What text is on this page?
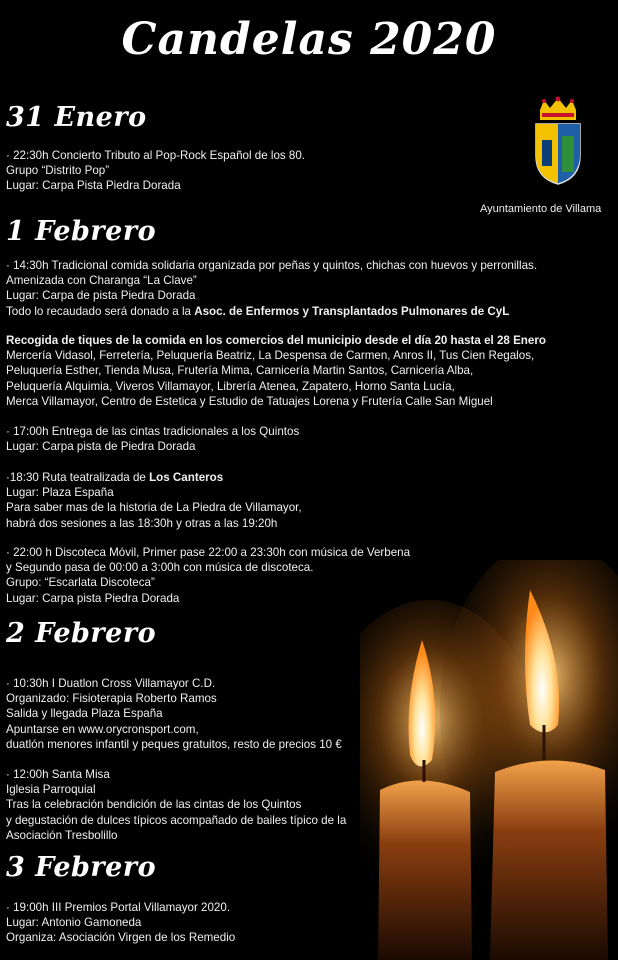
Candelas 2020
Ayuntamiento de Villama
31 Enero
· 22:30h Concierto Tributo al Pop-Rock Español de los 80.
Grupo “Distrito Pop”
Lugar: Carpa Pista Piedra Dorada
1 Febrero
· 14:30h Tradicional comida solidaria organizada por peñas y quintos, chichas con huevos y perronillas.
Amenizada con Charanga “La Clave”
Lugar: Carpa de pista Piedra Dorada
Todo lo recaudado será donado a la Asoc. de Enfermos y Transplantados Pulmonares de CyL
Recogida de tiques de la comida en los comercios del municipio desde el día 20 hasta el 28 Enero
Mercería Vidasol, Ferretería, Peluquería Beatriz, La Despensa de Carmen, Anros II, Tus Cien Regalos,
Peluquería Esther, Tienda Musa, Frutería Mima, Carnicería Martin Santos, Carnicería Alba,
Peluquería Alquimia, Viveros Villamayor, Librería Atenea, Zapatero, Horno Santa Lucía,
Merca Villamayor, Centro de Estetica y Estudio de Tatuajes Lorena y Frutería Calle San Miguel
· 17:00h Entrega de las cintas tradicionales a los Quintos
Lugar: Carpa pista de Piedra Dorada
·18:30 Ruta teatralizada de Los Canteros
Lugar: Plaza España
Para saber mas de la historia de La Piedra de Villamayor,
habrá dos sesiones a las 18:30h y otras a las 19:20h
· 22:00 h Discoteca Móvil, Primer pase 22:00 a 23:30h con música de Verbena
y Segundo pasa de 00:00 a 3:00h con música de discoteca.
Grupo: “Escarlata Discoteca”
Lugar: Carpa pista Piedra Dorada
2 Febrero
· 10:30h I Duatlon Cross Villamayor C.D.
Organizado: Fisioterapia Roberto Ramos
Salida y llegada Plaza España
Apuntarse en www.orycronsport.com,
duatlón menores infantil y peques gratuitos, resto de precios 10 €
· 12:00h Santa Misa
Iglesia Parroquial
Tras la celebración bendición de las cintas de los Quintos
y degustación de dulces típicos acompañado de bailes típico de la
Asociación Tresbolillo
3 Febrero
· 19:00h III Premios Portal Villamayor 2020.
Lugar: Antonio Gamoneda
Organiza: Asociación Virgen de los Remedio
